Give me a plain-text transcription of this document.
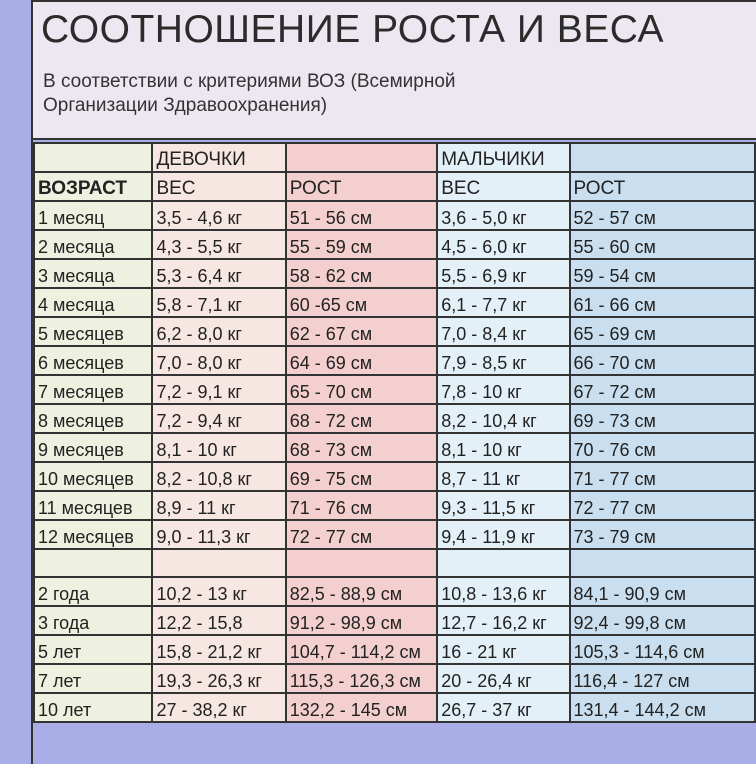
СООТНОШЕНИЕ РОСТА И ВЕСА
В соответствии с критериями ВОЗ (Всемирной
Организации Здравоохранения)
	ДЕВОЧКИ		МАЛЬЧИКИ	
ВОЗРАСТ	ВЕС	РОСТ	ВЕС	РОСТ
1 месяц	3,5 - 4,6 кг	51 - 56 см	3,6 - 5,0 кг	52 - 57 см
2 месяца	4,3 - 5,5 кг	55 - 59 см	4,5 - 6,0 кг	55 - 60 см
3 месяца	5,3 - 6,4 кг	58 - 62 см	5,5 - 6,9 кг	59 - 54 см
4 месяца	5,8 - 7,1 кг	60 -65 см	6,1 - 7,7 кг	61 - 66 см
5 месяцев	6,2 - 8,0 кг	62 - 67 см	7,0 - 8,4 кг	65 - 69 см
6 месяцев	7,0 - 8,0 кг	64 - 69 см	7,9 - 8,5 кг	66 - 70 см
7 месяцев	7,2 - 9,1 кг	65 - 70 см	7,8 - 10 кг	67 - 72 см
8 месяцев	7,2 - 9,4 кг	68 - 72 см	8,2 - 10,4 кг	69 - 73 см
9 месяцев	8,1 - 10 кг	68 - 73 см	8,1 - 10 кг	70 - 76 см
10 месяцев	8,2 - 10,8 кг	69 - 75 см	8,7 - 11 кг	71 - 77 см
11 месяцев	8,9 - 11 кг	71 - 76 см	9,3 - 11,5 кг	72 - 77 см
12 месяцев	9,0 - 11,3 кг	72 - 77 см	9,4 - 11,9 кг	73 - 79 см

2 года	10,2 - 13 кг	82,5 - 88,9 см	10,8 - 13,6 кг	84,1 - 90,9 см
3 года	12,2 - 15,8	91,2 - 98,9 см	12,7 - 16,2 кг	92,4 - 99,8 см
5 лет	15,8 - 21,2 кг	104,7 - 114,2 см	16 - 21 кг	105,3 - 114,6 см
7 лет	19,3 - 26,3 кг	115,3 - 126,3 см	20 - 26,4 кг	116,4 - 127 см
10 лет	27 - 38,2 кг	132,2 - 145 см	26,7 - 37 кг	131,4 - 144,2 см
